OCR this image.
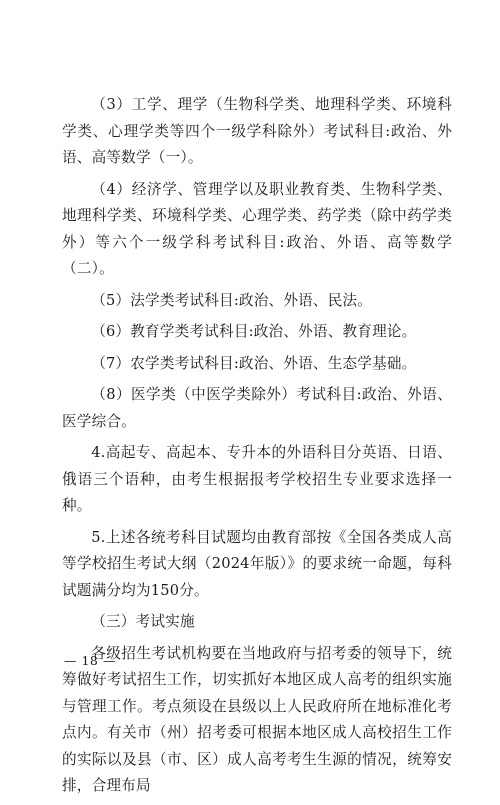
（3）工学、理学（生物科学类、地理科学类、环境科学类、心理学类等四个一级学科除外）考试科目:政治、外语、高等数学（一）。

（4）经济学、管理学以及职业教育类、生物科学类、地理科学类、环境科学类、心理学类、药学类（除中药学类外）等六个一级学科考试科目:政治、外语、高等数学（二）。

（5）法学类考试科目:政治、外语、民法。

（6）教育学类考试科目:政治、外语、教育理论。

（7）农学类考试科目:政治、外语、生态学基础。

（8）医学类（中医学类除外）考试科目:政治、外语、医学综合。

4.高起专、高起本、专升本的外语科目分英语、日语、俄语三个语种，由考生根据报考学校招生专业要求选择一种。

5.上述各统考科目试题均由教育部按《全国各类成人高等学校招生考试大纲（2024年版）》的要求统一命题，每科试题满分均为150分。

（三）考试实施

各级招生考试机构要在当地政府与招考委的领导下，统筹做好考试招生工作，切实抓好本地区成人高考的组织实施与管理工作。考点须设在县级以上人民政府所在地标准化考点内。有关市（州）招考委可根据本地区成人高校招生工作的实际以及县（市、区）成人高考考生生源的情况，统筹安排，合理布局

— 18 —
